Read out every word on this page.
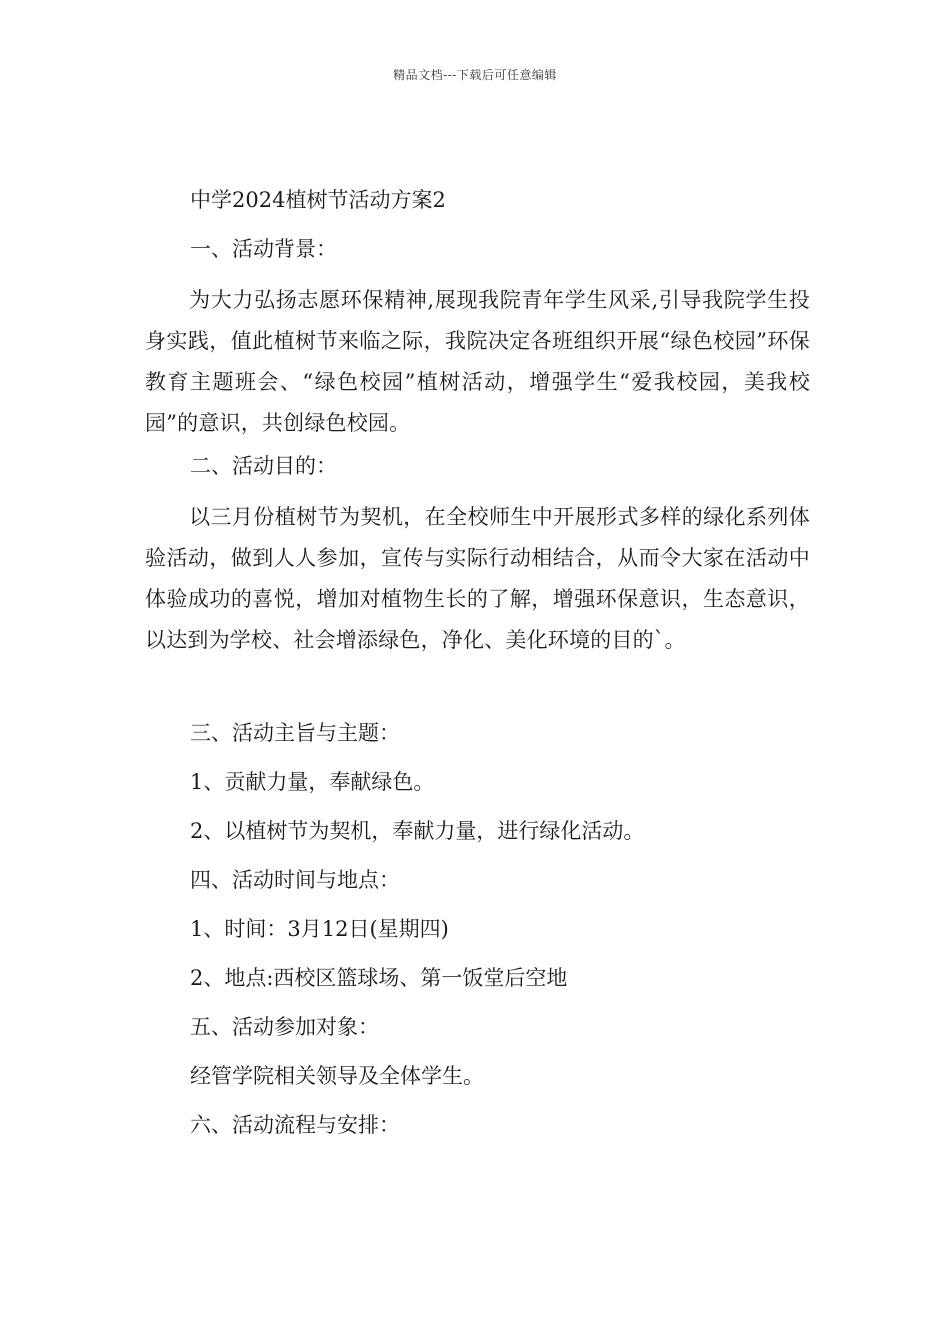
精品文档---下载后可任意编辑
中学2024植树节活动方案2
一、活动背景：
为大力弘扬志愿环保精神,展现我院青年学生风采,引导我院学生投身实践，值此植树节来临之际，我院决定各班组织开展“绿色校园”环保教育主题班会、“绿色校园”植树活动，增强学生“爱我校园，美我校园”的意识，共创绿色校园。
二、活动目的：
以三月份植树节为契机，在全校师生中开展形式多样的绿化系列体验活动，做到人人参加，宣传与实际行动相结合，从而令大家在活动中体验成功的喜悦，增加对植物生长的了解，增强环保意识，生态意识，以达到为学校、社会增添绿色，净化、美化环境的目的`。
三、活动主旨与主题：
1、贡献力量，奉献绿色。
2、以植树节为契机，奉献力量，进行绿化活动。
四、活动时间与地点：
1、时间：3月12日(星期四)
2、地点:西校区篮球场、第一饭堂后空地
五、活动参加对象：
经管学院相关领导及全体学生。
六、活动流程与安排：
